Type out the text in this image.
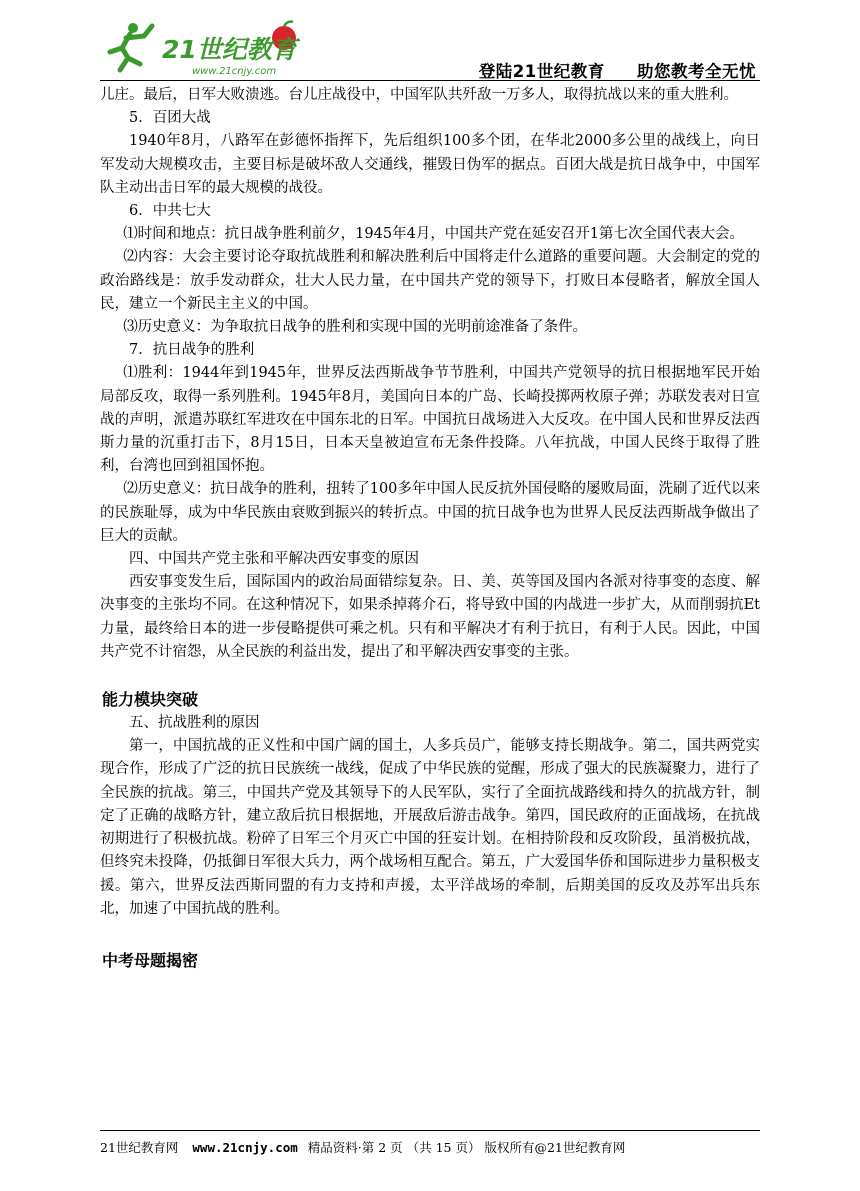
21世纪教育
www.21cnjy.com	登陆21世纪教育 助您教考全无忧

儿庄。最后，日军大败溃逃。台儿庄战役中，中国军队共歼敌一万多人，取得抗战以来的重大胜利。

5．百团大战

1940年8月，八路军在彭德怀指挥下，先后组织100多个团，在华北2000多公里的战线上，向日军发动大规模攻击，主要目标是破坏敌人交通线，摧毁日伪军的据点。百团大战是抗日战争中，中国军队主动出击日军的最大规模的战役。

6．中共七大

⑴时间和地点：抗日战争胜利前夕，1945年4月，中国共产党在延安召开1第七次全国代表大会。

⑵内容：大会主要讨论夺取抗战胜利和解决胜利后中国将走什么道路的重要问题。大会制定的党的政治路线是：放手发动群众，壮大人民力量，在中国共产党的领导下，打败日本侵略者，解放全国人民，建立一个新民主主义的中国。

⑶历史意义：为争取抗日战争的胜利和实现中国的光明前途准备了条件。

7．抗日战争的胜利

⑴胜利：1944年到1945年，世界反法西斯战争节节胜利，中国共产党领导的抗日根据地军民开始局部反攻，取得一系列胜利。1945年8月，美国向日本的广岛、长崎投掷两枚原子弹；苏联发表对日宣战的声明，派遣苏联红军进攻在中国东北的日军。中国抗日战场进入大反攻。在中国人民和世界反法西斯力量的沉重打击下，8月15日，日本天皇被迫宣布无条件投降。八年抗战，中国人民终于取得了胜利，台湾也回到祖国怀抱。

⑵历史意义：抗日战争的胜利，扭转了100多年中国人民反抗外国侵略的屡败局面，洗刷了近代以来的民族耻辱，成为中华民族由衰败到振兴的转折点。中国的抗日战争也为世界人民反法西斯战争做出了巨大的贡献。

四、中国共产党主张和平解决西安事变的原因

西安事变发生后，国际国内的政治局面错综复杂。日、美、英等国及国内各派对待事变的态度、解决事变的主张均不同。在这种情况下，如果杀掉蒋介石，将导致中国的内战进一步扩大，从而削弱抗Et力量，最终给日本的进一步侵略提供可乘之机。只有和平解决才有利于抗日，有利于人民。因此，中国共产党不计宿怨，从全民族的利益出发，提出了和平解决西安事变的主张。

能力模块突破

五、抗战胜利的原因

第一，中国抗战的正义性和中国广阔的国土，人多兵员广，能够支持长期战争。第二，国共两党实现合作，形成了广泛的抗日民族统一战线，促成了中华民族的觉醒，形成了强大的民族凝聚力，进行了全民族的抗战。第三，中国共产党及其领导下的人民军队，实行了全面抗战路线和持久的抗战方针，制定了正确的战略方针，建立敌后抗日根据地，开展敌后游击战争。第四，国民政府的正面战场，在抗战初期进行了积极抗战。粉碎了日军三个月灭亡中国的狂妄计划。在相持阶段和反攻阶段，虽消极抗战，但终究未投降，仍抵御日军很大兵力，两个战场相互配合。第五，广大爱国华侨和国际进步力量积极支援。第六，世界反法西斯同盟的有力支持和声援，太平洋战场的牵制，后期美国的反攻及苏军出兵东北，加速了中国抗战的胜利。

中考母题揭密
21世纪教育网 www.21cnjy.com 精品资料·第 2 页 （共 15 页） 版权所有@21世纪教育网
